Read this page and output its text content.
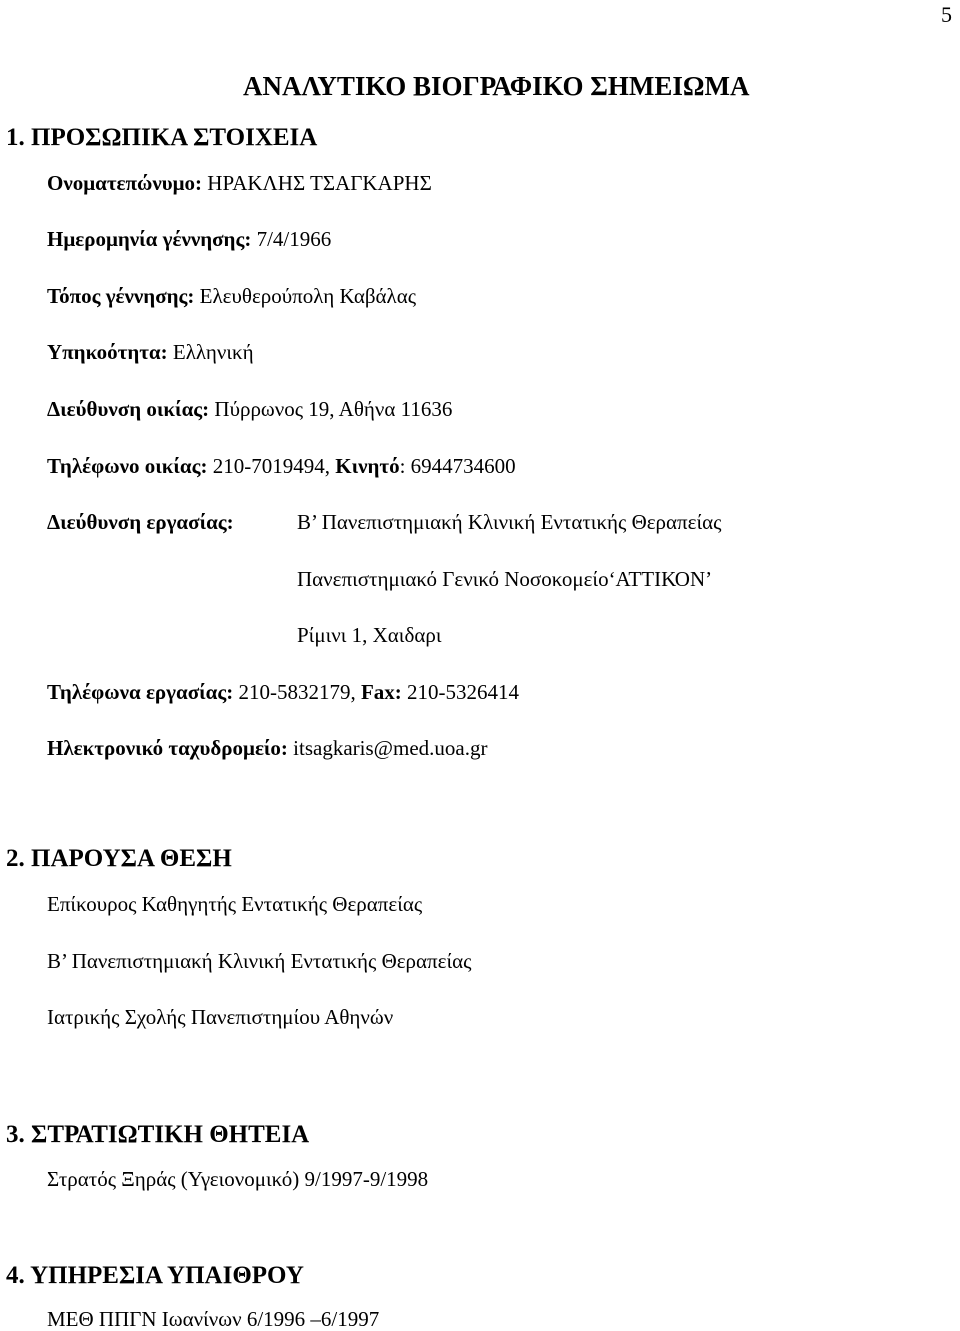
5
ΑΝΑΛΥΤΙΚΟ ΒΙΟΓΡΑΦΙΚΟ ΣΗΜΕΙΩΜΑ
1. ΠΡΟΣΩΠΙΚΑ ΣΤΟΙΧΕΙΑ
Ονοματεπώνυμο: ΗΡΑΚΛΗΣ ΤΣΑΓΚΑΡΗΣ
Ημερομηνία γέννησης: 7/4/1966
Τόπος γέννησης: Ελευθερούπολη Καβάλας
Υπηκοότητα: Ελληνική
Διεύθυνση οικίας: Πύρρωνος 19, Αθήνα 11636
Τηλέφωνο οικίας: 210-7019494, Κινητό: 6944734600
Διεύθυνση εργασίας:	Β’ Πανεπιστημιακή Κλινική Εντατικής Θεραπείας
Πανεπιστημιακό Γενικό Νοσοκομείο‘ΑΤΤΙΚΟΝ’
Ρίμινι 1, Χαιδαρι
Τηλέφωνα εργασίας: 210-5832179, Fax: 210-5326414
Ηλεκτρονικό ταχυδρομείο: itsagkaris@med.uoa.gr
2. ΠΑΡΟΥΣΑ ΘΕΣΗ
Επίκουρος Καθηγητής Εντατικής Θεραπείας
Β’ Πανεπιστημιακή Κλινική Εντατικής Θεραπείας
Ιατρικής Σχολής Πανεπιστημίου Αθηνών
3. ΣΤΡΑΤΙΩΤΙΚΗ ΘΗΤΕΙΑ
Στρατός Ξηράς (Υγειονομικό) 9/1997-9/1998
4. ΥΠΗΡΕΣΙΑ ΥΠΑΙΘΡΟΥ
ΜΕΘ ΠΠΓΝ Ιωανίνων 6/1996 –6/1997
